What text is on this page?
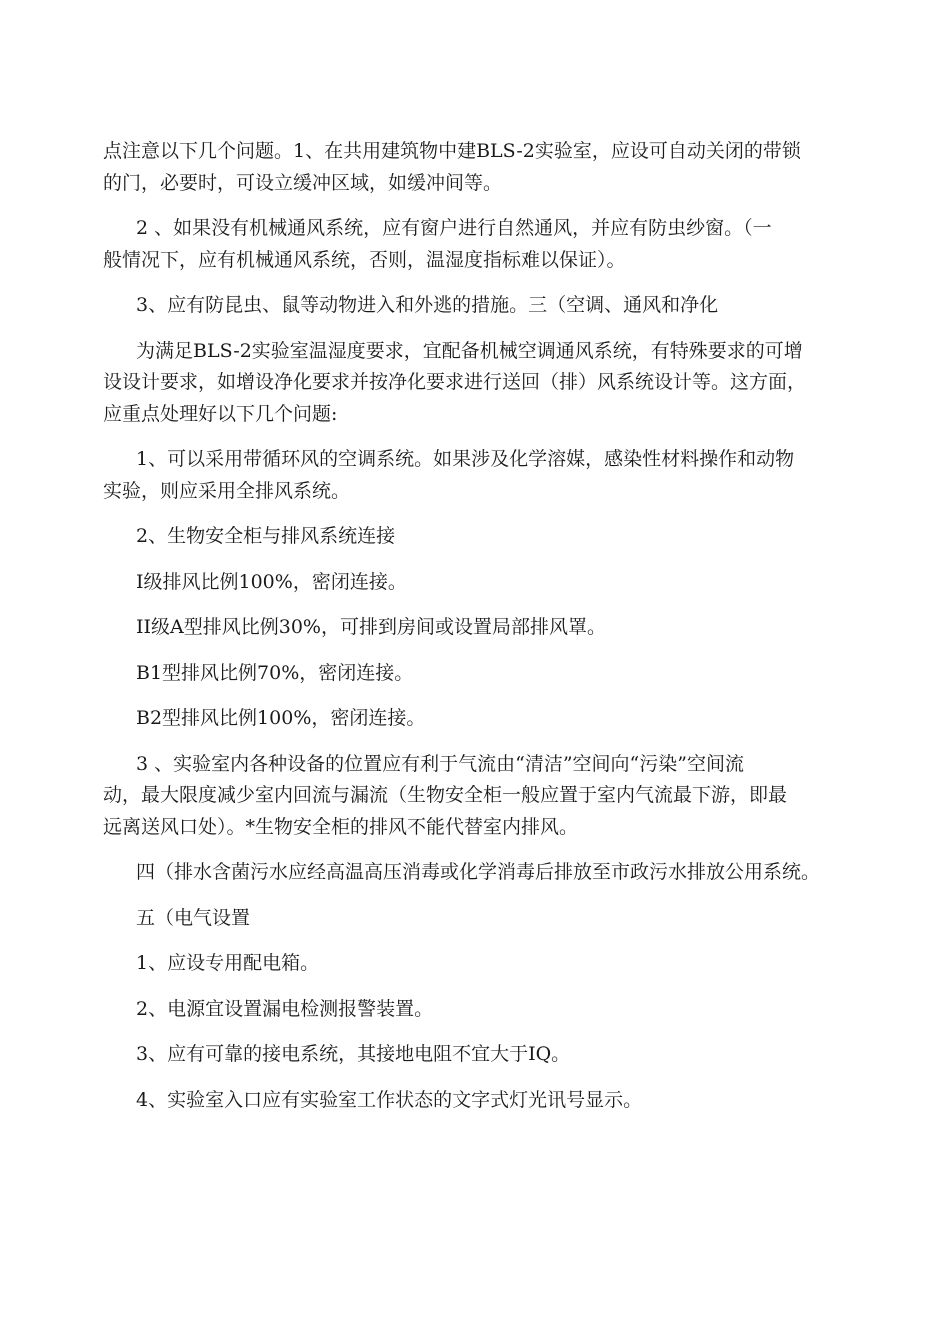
点注意以下几个问题。1、在共用建筑物中建BLS-2实验室，应设可自动关闭的带锁
的门，必要时，可设立缓冲区域，如缓冲间等。

2 、如果没有机械通风系统，应有窗户进行自然通风，并应有防虫纱窗。（一
般情况下，应有机械通风系统，否则，温湿度指标难以保证）。

3、应有防昆虫、鼠等动物进入和外逃的措施。三（空调、通风和净化

为满足BLS-2实验室温湿度要求，宜配备机械空调通风系统，有特殊要求的可增
设设计要求，如增设净化要求并按净化要求进行送回（排）风系统设计等。这方面，
应重点处理好以下几个问题:

1、可以采用带循环风的空调系统。如果涉及化学溶媒，感染性材料操作和动物
实验，则应采用全排风系统。

2、生物安全柜与排风系统连接

I级排风比例100%，密闭连接。

II级A型排风比例30%，可排到房间或设置局部排风罩。

B1型排风比例70%，密闭连接。

B2型排风比例100%，密闭连接。

3 、实验室内各种设备的位置应有利于气流由“清洁”空间向“污染”空间流
动，最大限度减少室内回流与漏流（生物安全柜一般应置于室内气流最下游，即最
远离送风口处）。*生物安全柜的排风不能代替室内排风。

四（排水含菌污水应经高温高压消毒或化学消毒后排放至市政污水排放公用系统。

五（电气设置

1、应设专用配电箱。

2、电源宜设置漏电检测报警装置。

3、应有可靠的接电系统，其接地电阻不宜大于IQ。

4、实验室入口应有实验室工作状态的文字式灯光讯号显示。
